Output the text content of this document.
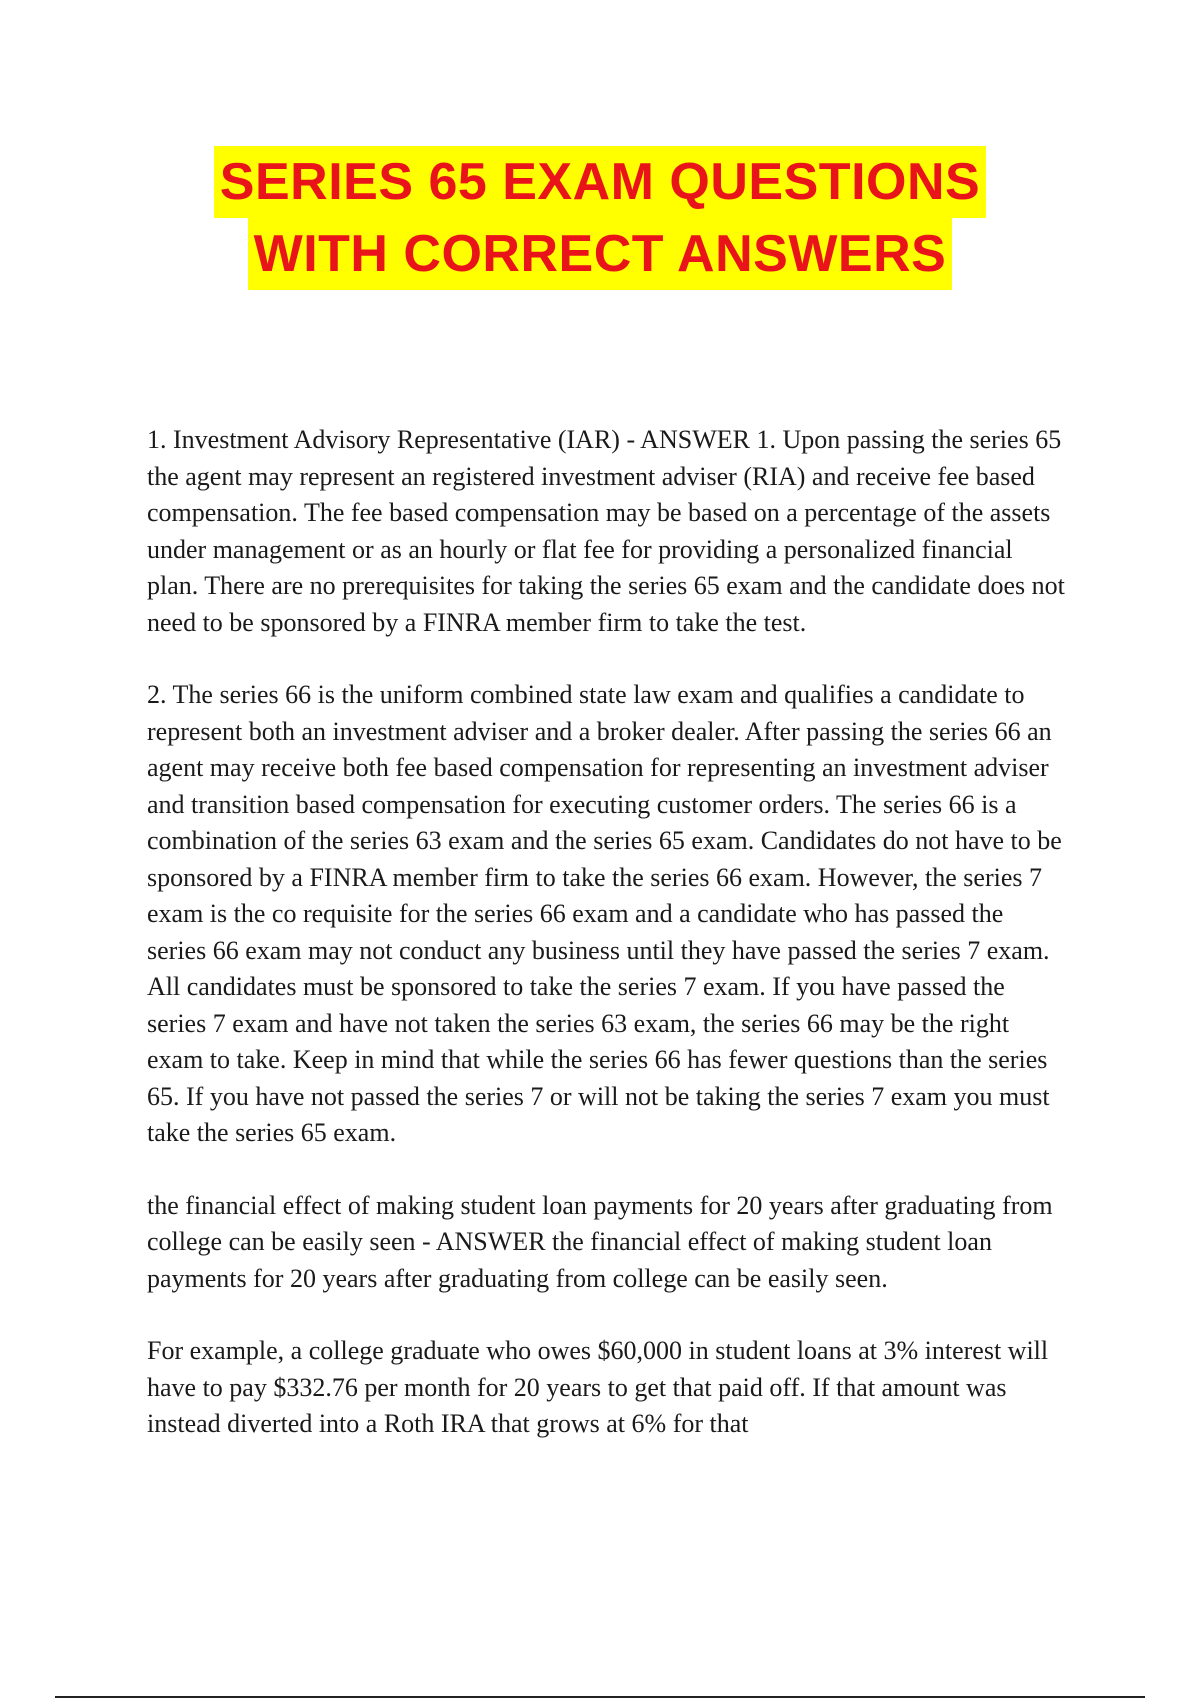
SERIES 65 EXAM QUESTIONS
WITH CORRECT ANSWERS

1. Investment Advisory Representative (IAR) - ANSWER 1. Upon passing the series 65 the agent may represent an registered investment adviser (RIA) and receive fee based compensation. The fee based compensation may be based on a percentage of the assets under management or as an hourly or flat fee for providing a personalized financial plan. There are no prerequisites for taking the series 65 exam and the candidate does not need to be sponsored by a FINRA member firm to take the test.

2. The series 66 is the uniform combined state law exam and qualifies a candidate to represent both an investment adviser and a broker dealer. After passing the series 66 an agent may receive both fee based compensation for representing an investment adviser and transition based compensation for executing customer orders. The series 66 is a combination of the series 63 exam and the series 65 exam. Candidates do not have to be sponsored by a FINRA member firm to take the series 66 exam. However, the series 7 exam is the co requisite for the series 66 exam and a candidate who has passed the series 66 exam may not conduct any business until they have passed the series 7 exam. All candidates must be sponsored to take the series 7 exam. If you have passed the series 7 exam and have not taken the series 63 exam, the series 66 may be the right exam to take. Keep in mind that while the series 66 has fewer questions than the series 65. If you have not passed the series 7 or will not be taking the series 7 exam you must take the series 65 exam.

the financial effect of making student loan payments for 20 years after graduating from college can be easily seen - ANSWER the financial effect of making student loan payments for 20 years after graduating from college can be easily seen.

For example, a college graduate who owes $60,000 in student loans at 3% interest will have to pay $332.76 per month for 20 years to get that paid off. If that amount was instead diverted into a Roth IRA that grows at 6% for that
